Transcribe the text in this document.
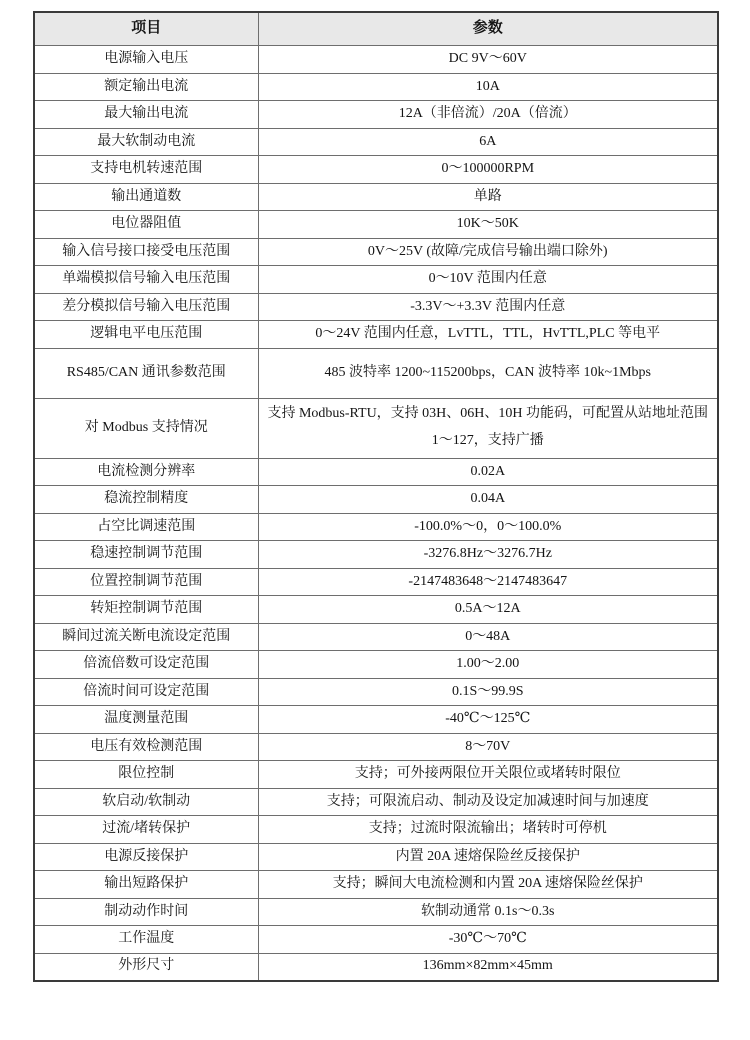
项目	参数
电源输入电压	DC 9V～60V
额定输出电流	10A
最大输出电流	12A（非倍流）/20A（倍流）
最大软制动电流	6A
支持电机转速范围	0～100000RPM
输出通道数	单路
电位器阻值	10K～50K
输入信号接口接受电压范围	0V～25V (故障/完成信号输出端口除外)
单端模拟信号输入电压范围	0～10V 范围内任意
差分模拟信号输入电压范围	-3.3V～+3.3V 范围内任意
逻辑电平电压范围	0～24V 范围内任意，LvTTL，TTL，HvTTL,PLC 等电平
RS485/CAN 通讯参数范围	485 波特率 1200~115200bps，CAN 波特率 10k~1Mbps
对 Modbus 支持情况	支持 Modbus-RTU，支持 03H、06H、10H 功能码，可配置从站地址范围 1～127，支持广播
电流检测分辨率	0.02A
稳流控制精度	0.04A
占空比调速范围	-100.0%～0，0～100.0%
稳速控制调节范围	-3276.8Hz～3276.7Hz
位置控制调节范围	-2147483648～2147483647
转矩控制调节范围	0.5A～12A
瞬间过流关断电流设定范围	0～48A
倍流倍数可设定范围	1.00～2.00
倍流时间可设定范围	0.1S～99.9S
温度测量范围	-40℃～125℃
电压有效检测范围	8～70V
限位控制	支持；可外接两限位开关限位或堵转时限位
软启动/软制动	支持；可限流启动、制动及设定加减速时间与加速度
过流/堵转保护	支持；过流时限流输出；堵转时可停机
电源反接保护	内置 20A 速熔保险丝反接保护
输出短路保护	支持；瞬间大电流检测和内置 20A 速熔保险丝保护
制动动作时间	软制动通常 0.1s～0.3s
工作温度	-30℃～70℃
外形尺寸	136mm×82mm×45mm
